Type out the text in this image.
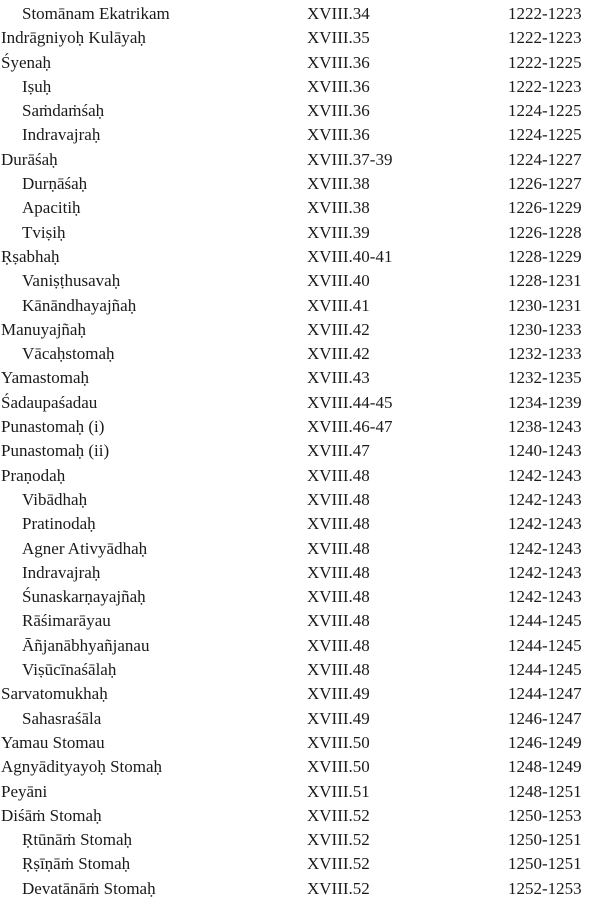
Stomānam Ekatrikam	XVIII.34	1222-1223
Indrāgniyoḥ Kulāyaḥ	XVIII.35	1222-1223
Śyenaḥ	XVIII.36	1222-1225
Iṣuḥ	XVIII.36	1222-1223
Saṁdaṁśaḥ	XVIII.36	1224-1225
Indravajraḥ	XVIII.36	1224-1225
Durāśaḥ	XVIII.37-39	1224-1227
Durṇāśaḥ	XVIII.38	1226-1227
Apacitiḥ	XVIII.38	1226-1229
Tviṣiḥ	XVIII.39	1226-1228
Ṛṣabhaḥ	XVIII.40-41	1228-1229
Vaniṣṭhusavaḥ	XVIII.40	1228-1231
Kānāndhayajñaḥ	XVIII.41	1230-1231
Manuyajñaḥ	XVIII.42	1230-1233
Vācaḥstomaḥ	XVIII.42	1232-1233
Yamastomaḥ	XVIII.43	1232-1235
Śadaupaśadau	XVIII.44-45	1234-1239
Punastomaḥ (i)	XVIII.46-47	1238-1243
Punastomaḥ (ii)	XVIII.47	1240-1243
Praṇodaḥ	XVIII.48	1242-1243
Vibādhaḥ	XVIII.48	1242-1243
Pratinodaḥ	XVIII.48	1242-1243
Agner Ativyādhaḥ	XVIII.48	1242-1243
Indravajraḥ	XVIII.48	1242-1243
Śunaskarṇayajñaḥ	XVIII.48	1242-1243
Rāśimarāyau	XVIII.48	1244-1245
Āñjanābhyañjanau	XVIII.48	1244-1245
Viṣūcīnaśālaḥ	XVIII.48	1244-1245
Sarvatomukhaḥ	XVIII.49	1244-1247
Sahasraśāla	XVIII.49	1246-1247
Yamau Stomau	XVIII.50	1246-1249
Agnyādityayoḥ Stomaḥ	XVIII.50	1248-1249
Peyāni	XVIII.51	1248-1251
Diśāṁ Stomaḥ	XVIII.52	1250-1253
Ṛtūnāṁ Stomaḥ	XVIII.52	1250-1251
Ṛṣīṇāṁ Stomaḥ	XVIII.52	1250-1251
Devatānāṁ Stomaḥ	XVIII.52	1252-1253
